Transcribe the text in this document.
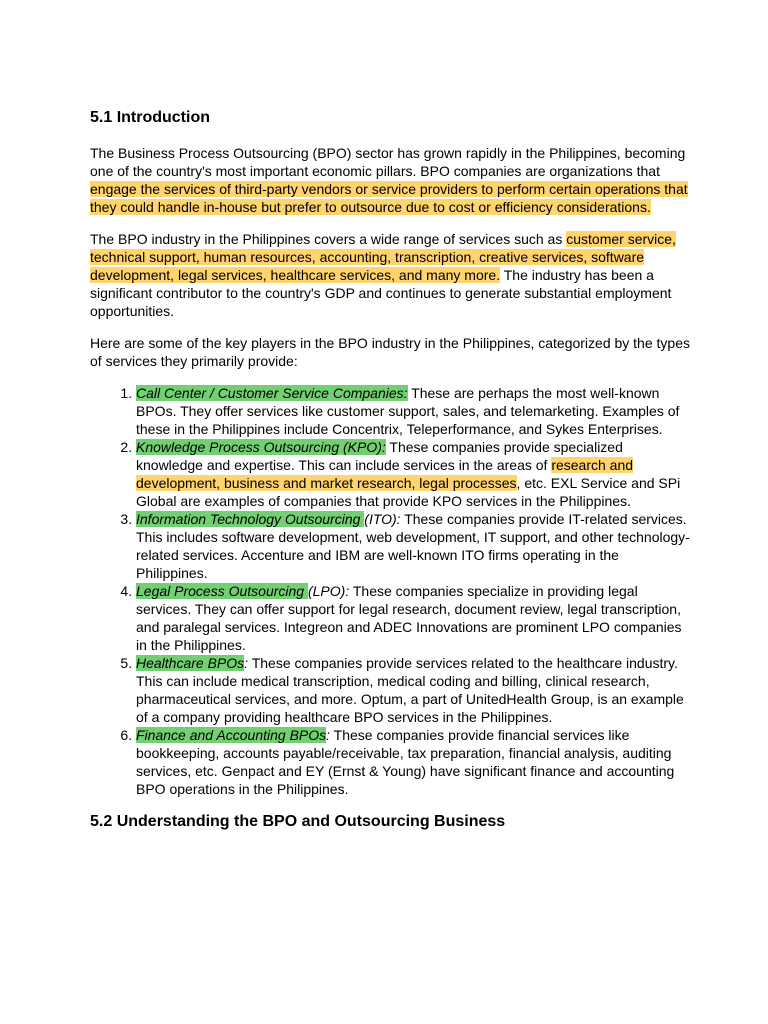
5.1 Introduction

The Business Process Outsourcing (BPO) sector has grown rapidly in the Philippines, becoming one of the country's most important economic pillars. BPO companies are organizations that engage the services of third-party vendors or service providers to perform certain operations that they could handle in-house but prefer to outsource due to cost or efficiency considerations.

The BPO industry in the Philippines covers a wide range of services such as customer service, technical support, human resources, accounting, transcription, creative services, software development, legal services, healthcare services, and many more. The industry has been a significant contributor to the country's GDP and continues to generate substantial employment opportunities.

Here are some of the key players in the BPO industry in the Philippines, categorized by the types of services they primarily provide:

1. Call Center / Customer Service Companies: These are perhaps the most well-known BPOs. They offer services like customer support, sales, and telemarketing. Examples of these in the Philippines include Concentrix, Teleperformance, and Sykes Enterprises.
2. Knowledge Process Outsourcing (KPO): These companies provide specialized knowledge and expertise. This can include services in the areas of research and development, business and market research, legal processes, etc. EXL Service and SPi Global are examples of companies that provide KPO services in the Philippines.
3. Information Technology Outsourcing (ITO): These companies provide IT-related services. This includes software development, web development, IT support, and other technology-related services. Accenture and IBM are well-known ITO firms operating in the Philippines.
4. Legal Process Outsourcing (LPO): These companies specialize in providing legal services. They can offer support for legal research, document review, legal transcription, and paralegal services. Integreon and ADEC Innovations are prominent LPO companies in the Philippines.
5. Healthcare BPOs: These companies provide services related to the healthcare industry. This can include medical transcription, medical coding and billing, clinical research, pharmaceutical services, and more. Optum, a part of UnitedHealth Group, is an example of a company providing healthcare BPO services in the Philippines.
6. Finance and Accounting BPOs: These companies provide financial services like bookkeeping, accounts payable/receivable, tax preparation, financial analysis, auditing services, etc. Genpact and EY (Ernst & Young) have significant finance and accounting BPO operations in the Philippines.
5.2 Understanding the BPO and Outsourcing Business
